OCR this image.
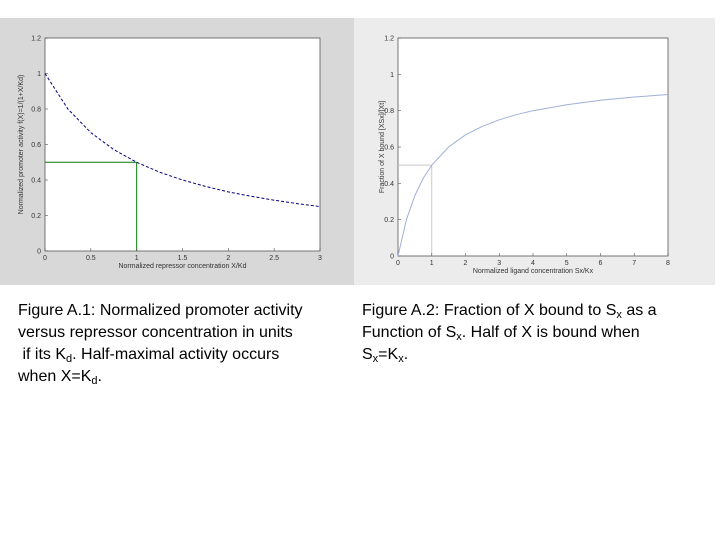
0	0.5	1	1.5	2	2.5	3
0
0.2
0.4
0.6
0.8
1
1.2
Normalized repressor concentration X/Kd
Normalized promoter activity f(X)=1/(1+X/Kd)
0	1	2	3	4	5	6	7	8
0
0.2
0.4
0.6
0.8
1
1.2
Normalized ligand concentration Sx/Kx
Fraction of X bound [XSx]/[Xt]
Figure A.1: Normalized promoter activity
versus repressor concentration in units
if its $K_d$. Half-maximal activity occurs
when $X=K_d$.
Figure A.2: Fraction of X bound to $S_x$ as a
Function of $S_x$. Half of X is bound when
$S_x=K_x$.
